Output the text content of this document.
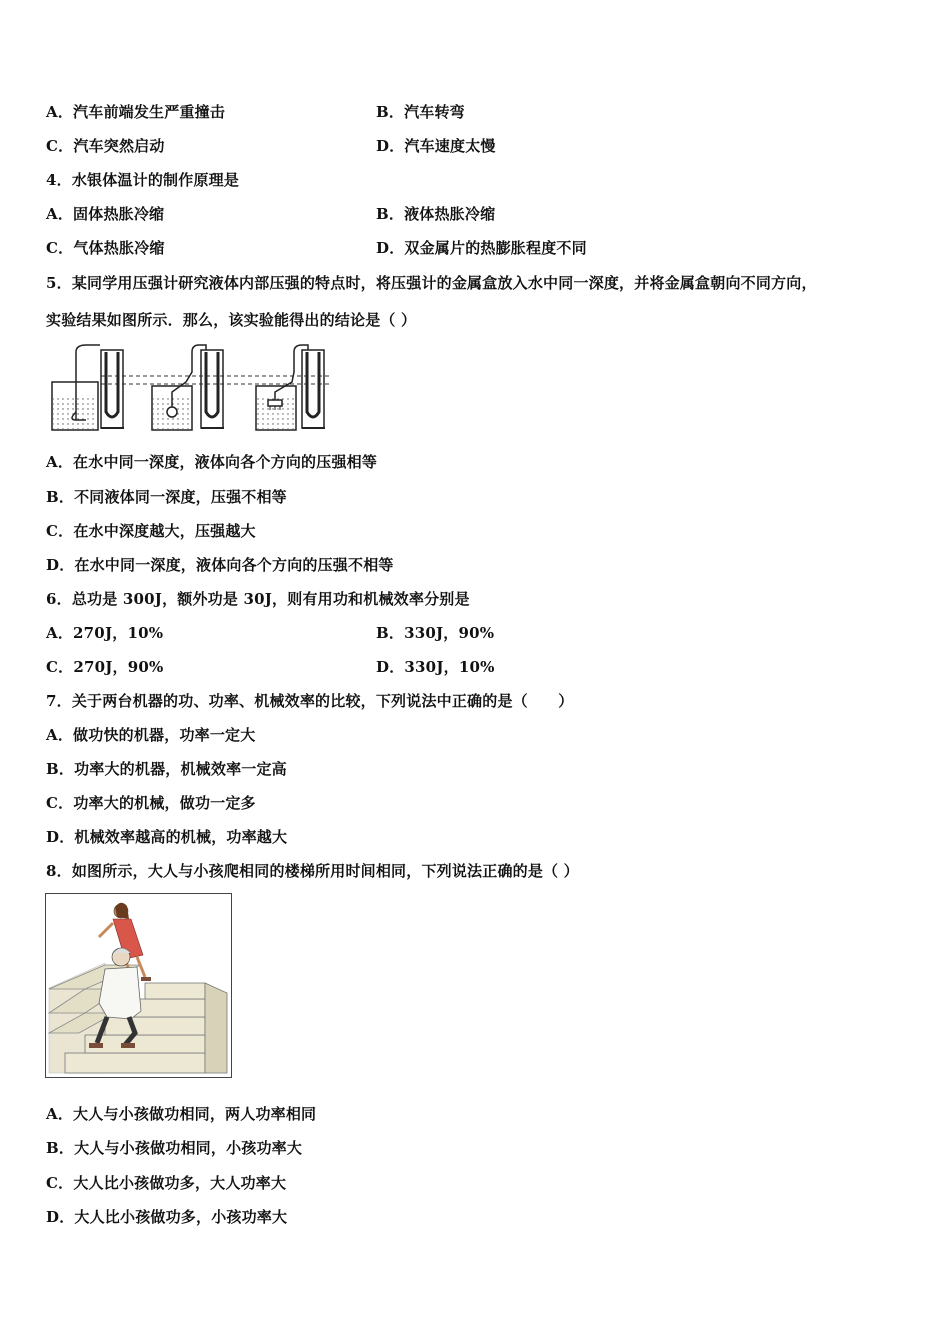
A．汽车前端发生严重撞击	B．汽车转弯
C．汽车突然启动	D．汽车速度太慢
4．水银体温计的制作原理是
A．固体热胀冷缩	B．液体热胀冷缩
C．气体热胀冷缩	D．双金属片的热膨胀程度不同
5．某同学用压强计研究液体内部压强的特点时，将压强计的金属盒放入水中同一深度，并将金属盒朝向不同方向，
实验结果如图所示．那么，该实验能得出的结论是（ ）
A．在水中同一深度，液体向各个方向的压强相等
B．不同液体同一深度，压强不相等
C．在水中深度越大，压强越大
D．在水中同一深度，液体向各个方向的压强不相等
6．总功是 300J，额外功是 30J，则有用功和机械效率分别是
A．270J，10%	B．330J，90%
C．270J，90%	D．330J，10%
7．关于两台机器的功、功率、机械效率的比较，下列说法中正确的是（　　）
A．做功快的机器，功率一定大
B．功率大的机器，机械效率一定高
C．功率大的机械，做功一定多
D．机械效率越高的机械，功率越大
8．如图所示，大人与小孩爬相同的楼梯所用时间相同，下列说法正确的是（ ）
A．大人与小孩做功相同，两人功率相同
B．大人与小孩做功相同，小孩功率大
C．大人比小孩做功多，大人功率大
D．大人比小孩做功多，小孩功率大
